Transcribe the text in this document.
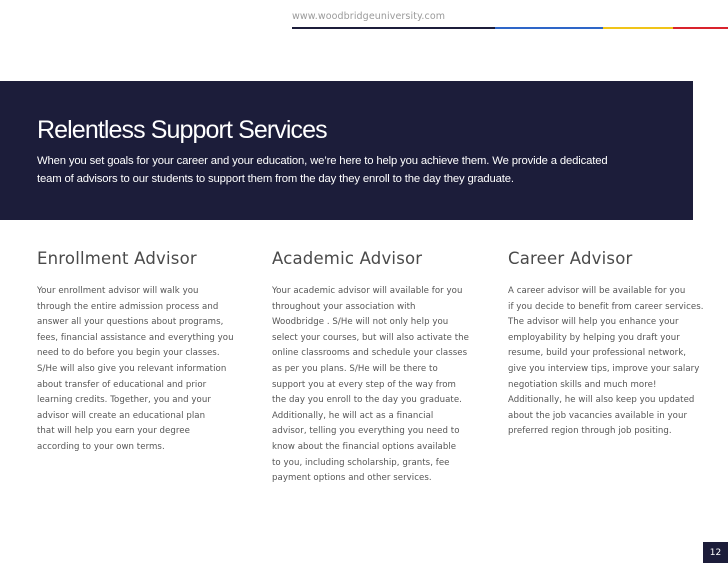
www.woodbridgeuniversity.com
Relentless Support Services

When you set goals for your career and your education, we’re here to help you achieve them. We provide a dedicated
team of advisors to our students to support them from the day they enroll to the day they graduate.

Enrollment Advisor
Your enrollment advisor will walk you
through the entire admission process and
answer all your questions about programs,
fees, financial assistance and everything you
need to do before you begin your classes.
S/He will also give you relevant information
about transfer of educational and prior
learning credits. Together, you and your
advisor will create an educational plan
that will help you earn your degree
according to your own terms.
Academic Advisor
Your academic advisor will available for you
throughout your association with
Woodbridge . S/He will not only help you
select your courses, but will also activate the
online classrooms and schedule your classes
as per you plans. S/He will be there to
support you at every step of the way from
the day you enroll to the day you graduate.
Additionally, he will act as a financial
advisor, telling you everything you need to
know about the financial options available
to you, including scholarship, grants, fee
payment options and other services.
Career Advisor
A career advisor will be available for you
if you decide to benefit from career services.
The advisor will help you enhance your
employability by helping you draft your
resume, build your professional network,
give you interview tips, improve your salary
negotiation skills and much more!
Additionally, he will also keep you updated
about the job vacancies available in your
preferred region through job positing.
12
